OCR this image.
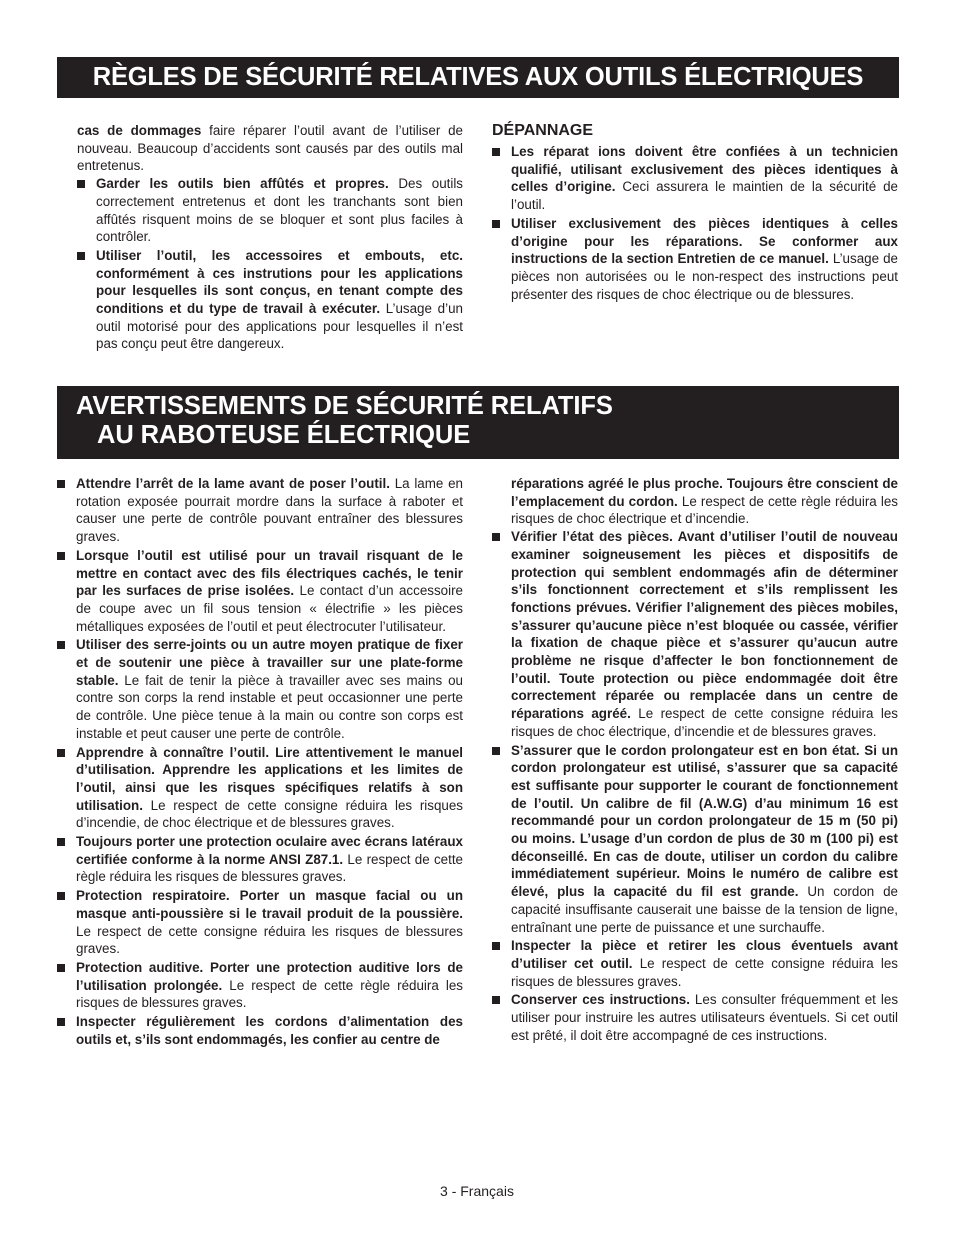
RÈGLES DE SÉCURITÉ RELATIVES AUX OUTILS ÉLECTRIQUES

cas de dommages faire réparer l’outil avant de l’utiliser de nouveau. Beaucoup d’accidents sont causés par des outils mal entretenus.

Garder les outils bien affûtés et propres. Des outils correctement entretenus et dont les tranchants sont bien affûtés risquent moins de se bloquer et sont plus faciles à contrôler.
Utiliser l’outil, les accessoires et embouts, etc. conformément à ces instrutions pour les applications pour lesquelles ils sont conçus, en tenant compte des conditions et du type de travail à exécuter. L’usage d’un outil motorisé pour des applications pour lesquelles il n’est pas conçu peut être dangereux.
DÉPANNAGE
Les réparat ions doivent être confiées à un technicien qualifié, utilisant exclusivement des pièces identiques à celles d’origine. Ceci assurera le maintien de la sécurité de l’outil.
Utiliser exclusivement des pièces identiques à celles d’origine pour les réparations. Se conformer aux instructions de la section Entretien de ce manuel. L’usage de pièces non autorisées ou le non-respect des instructions peut présenter des risques de choc électrique ou de blessures.
AVERTISSEMENTS DE SÉCURITÉ RELATIFS
AU RABOTEUSE ÉLECTRIQUE
Attendre l’arrêt de la lame avant de poser l’outil. La lame en rotation exposée pourrait mordre dans la surface à raboter et causer une perte de contrôle pouvant entraîner des blessures graves.
Lorsque l’outil est utilisé pour un travail risquant de le mettre en contact avec des fils électriques cachés, le tenir par les surfaces de prise isolées. Le contact d’un accessoire de coupe avec un fil sous tension « électrifie » les pièces métalliques exposées de l’outil et peut électrocuter l’utilisateur.
Utiliser des serre-joints ou un autre moyen pratique de fixer et de soutenir une pièce à travailler sur une plate-forme stable. Le fait de tenir la pièce à travailler avec ses mains ou contre son corps la rend instable et peut occasionner une perte de contrôle. Une pièce tenue à la main ou contre son corps est instable et peut causer une perte de contrôle.
Apprendre à connaître l’outil. Lire attentivement le manuel d’utilisation. Apprendre les applications et les limites de l’outil, ainsi que les risques spécifiques relatifs à son utilisation. Le respect de cette consigne réduira les risques d’incendie, de choc électrique et de blessures graves.
Toujours porter une protection oculaire avec écrans latéraux certifiée conforme à la norme ANSI Z87.1. Le respect de cette règle réduira les risques de blessures graves.
Protection respiratoire. Porter un masque facial ou un masque anti-poussière si le travail produit de la poussière. Le respect de cette consigne réduira les risques de blessures graves.
Protection auditive. Porter une protection auditive lors de l’utilisation prolongée. Le respect de cette règle réduira les risques de blessures graves.
Inspecter régulièrement les cordons d’alimentation des outils et, s’ils sont endommagés, les confier au centre de

réparations agréé le plus proche. Toujours être conscient de l’emplacement du cordon. Le respect de cette règle réduira les risques de choc électrique et d’incendie.

Vérifier l’état des pièces. Avant d’utiliser l’outil de nouveau examiner soigneusement les pièces et dispositifs de protection qui semblent endommagés afin de déterminer s’ils fonctionnent correctement et s’ils remplissent les fonctions prévues. Vérifier l’alignement des pièces mobiles, s’assurer qu’aucune pièce n’est bloquée ou cassée, vérifier la fixation de chaque pièce et s’assurer qu’aucun autre problème ne risque d’affecter le bon fonctionnement de l’outil. Toute protection ou pièce endommagée doit être correctement réparée ou remplacée dans un centre de réparations agréé. Le respect de cette consigne réduira les risques de choc électrique, d’incendie et de blessures graves.
S’assurer que le cordon prolongateur est en bon état. Si un cordon prolongateur est utilisé, s’assurer que sa capacité est suffisante pour supporter le courant de fonctionnement de l’outil. Un calibre de fil (A.W.G) d’au minimum 16 est recommandé pour un cordon prolongateur de 15 m (50 pi) ou moins. L’usage d’un cordon de plus de 30 m (100 pi) est déconseillé. En cas de doute, utiliser un cordon du calibre immédiatement supérieur. Moins le numéro de calibre est élevé, plus la capacité du fil est grande. Un cordon de capacité insuffisante causerait une baisse de la tension de ligne, entraînant une perte de puissance et une surchauffe.
Inspecter la pièce et retirer les clous éventuels avant d’utiliser cet outil. Le respect de cette consigne réduira les risques de blessures graves.
Conserver ces instructions. Les consulter fréquemment et les utiliser pour instruire les autres utilisateurs éventuels. Si cet outil est prêté, il doit être accompagné de ces instructions.
3 - Français
